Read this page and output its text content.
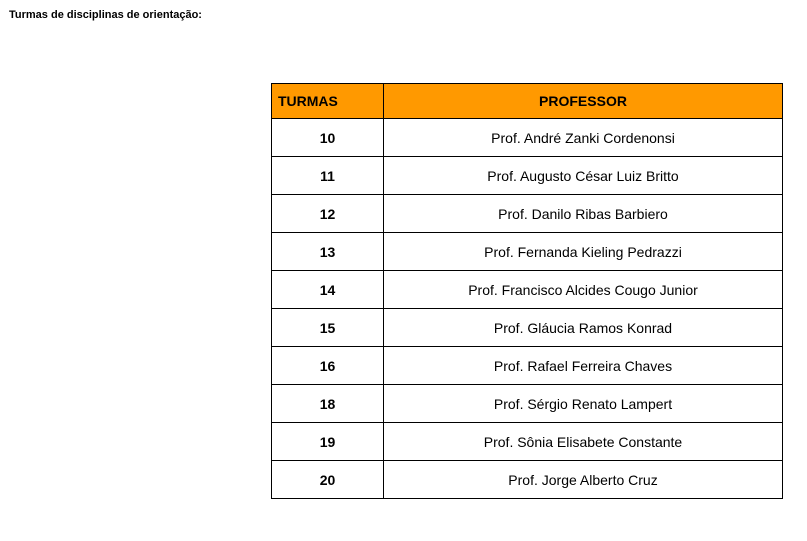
Turmas de disciplinas de orientação:
TURMAS	PROFESSOR
10	Prof. André Zanki Cordenonsi
11	Prof. Augusto César Luiz Britto
12	Prof. Danilo Ribas Barbiero
13	Prof. Fernanda Kieling Pedrazzi
14	Prof. Francisco Alcides Cougo Junior
15	Prof. Gláucia Ramos Konrad
16	Prof. Rafael Ferreira Chaves
18	Prof. Sérgio Renato Lampert
19	Prof. Sônia Elisabete Constante
20	Prof. Jorge Alberto Cruz
